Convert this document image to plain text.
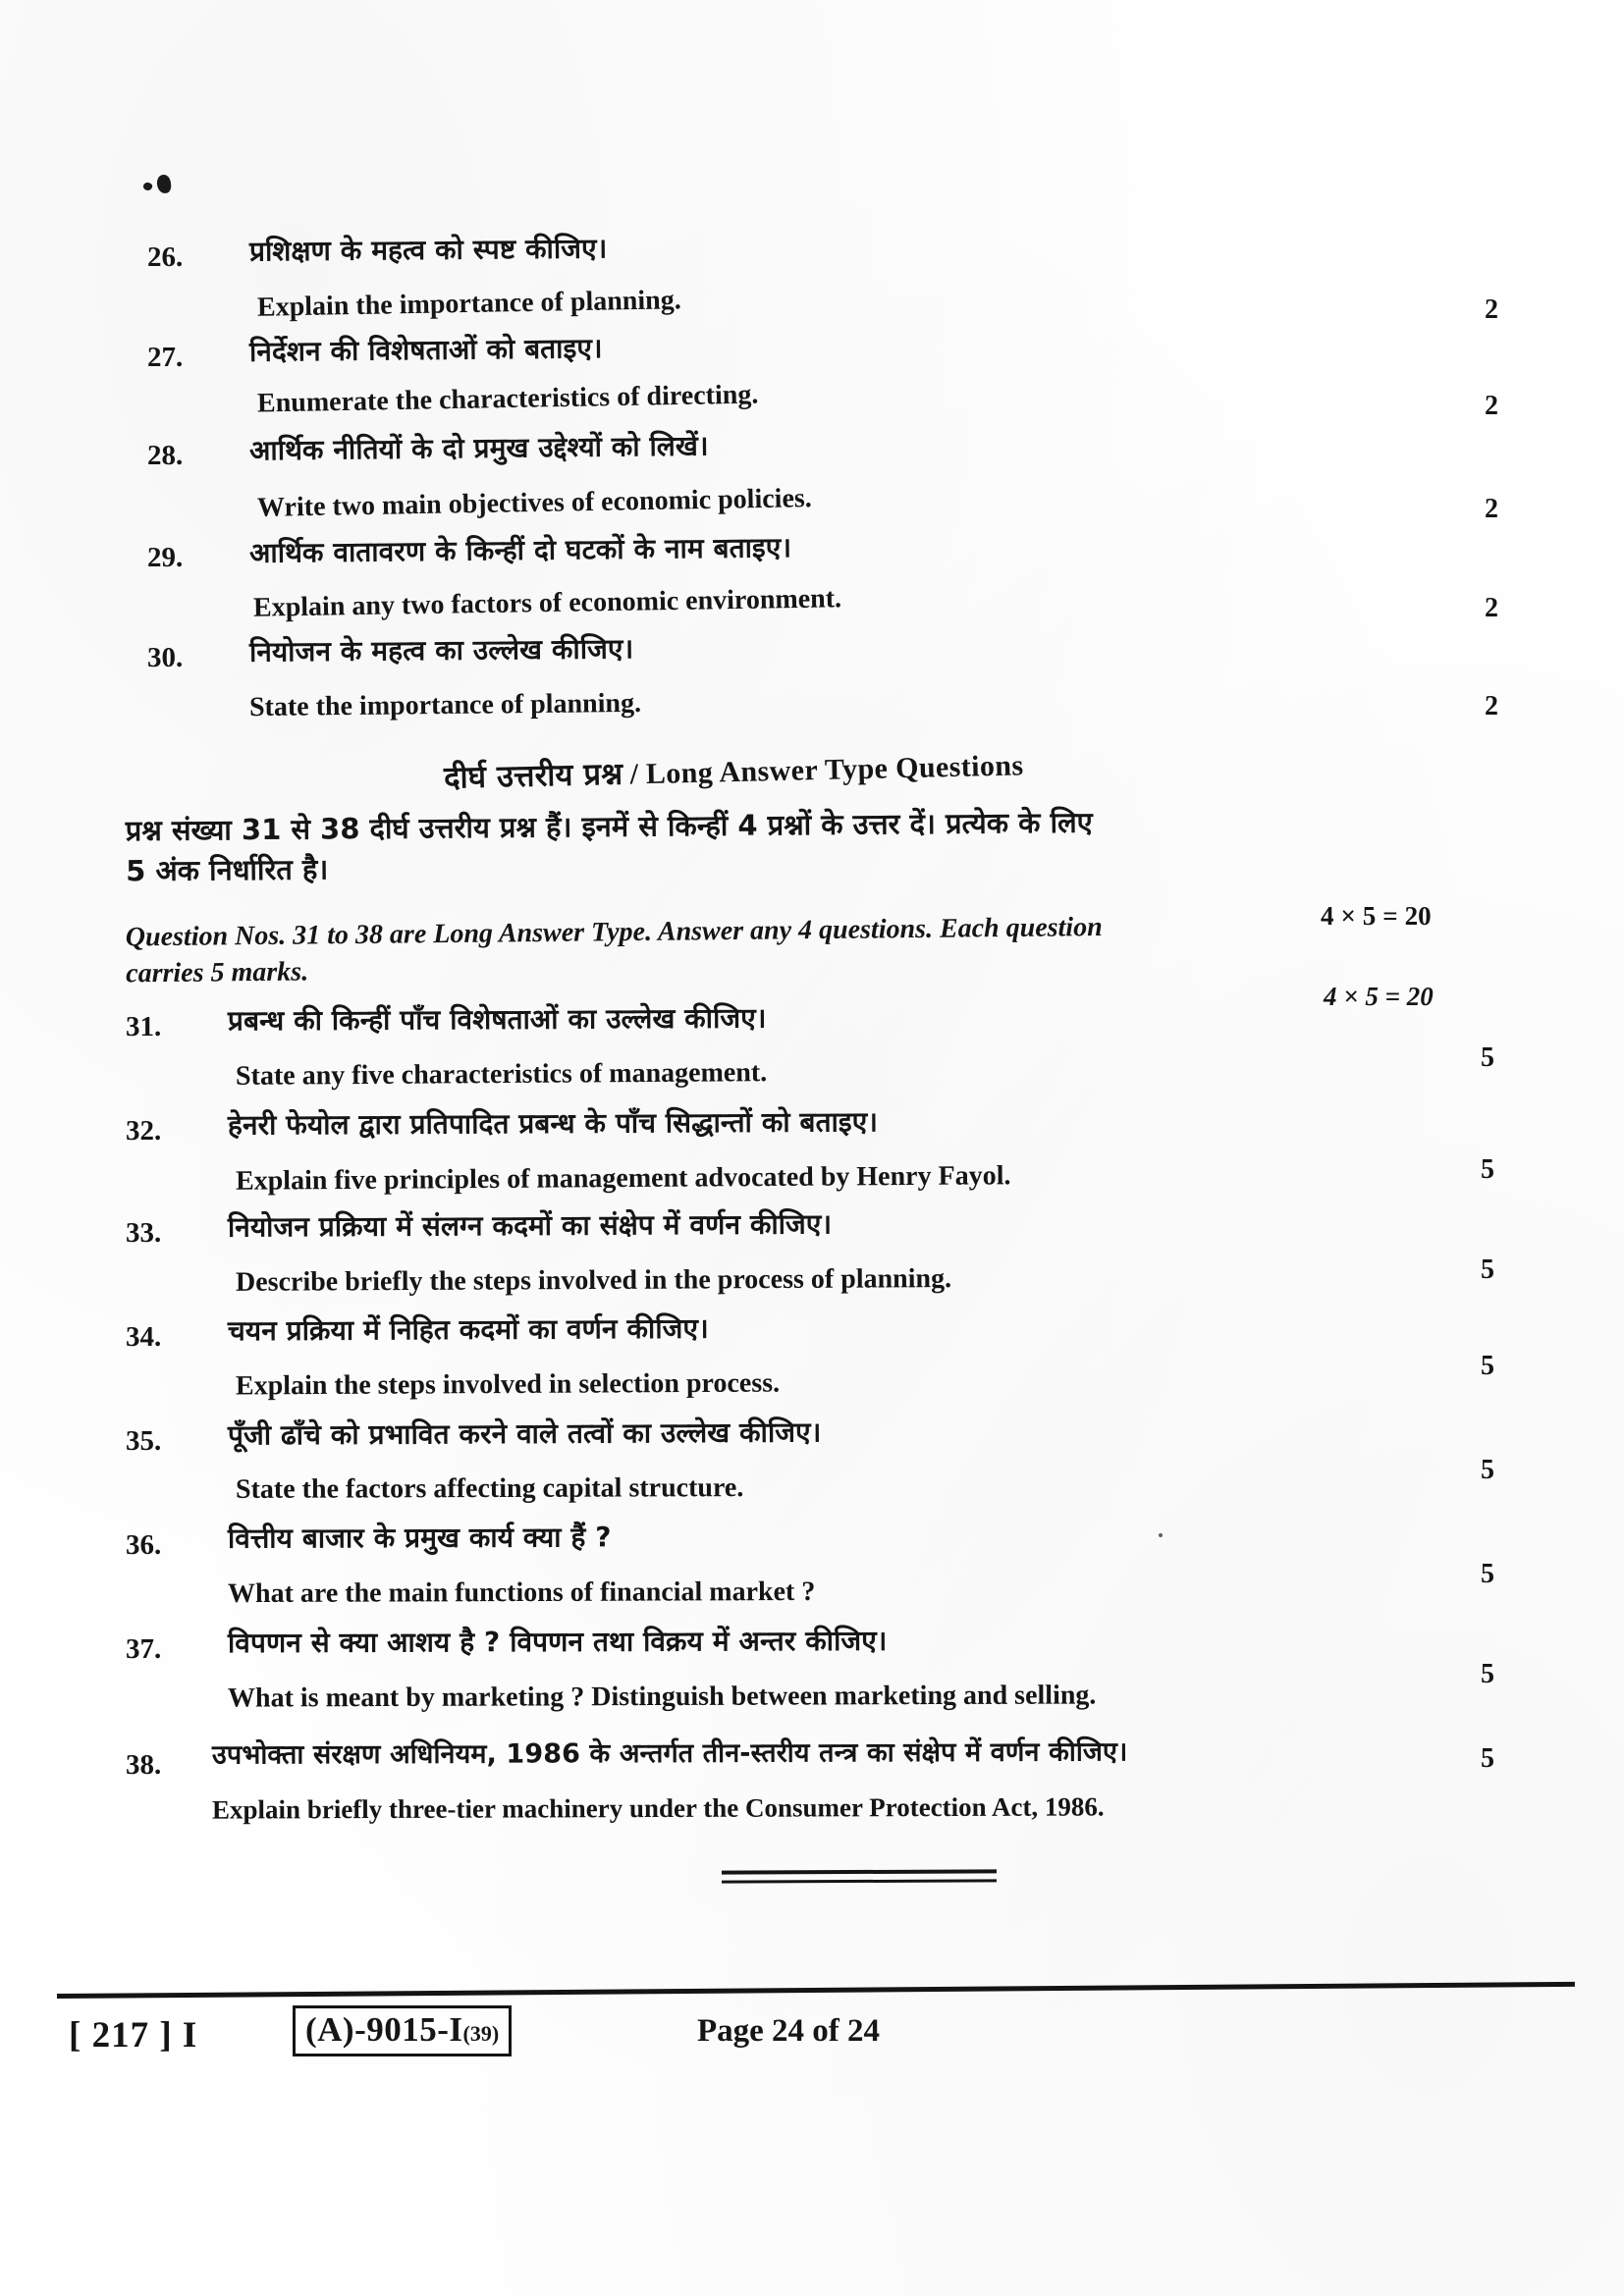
26. प्रशिक्षण के महत्व को स्पष्ट कीजिए।
Explain the importance of planning.	2
27. निर्देशन की विशेषताओं को बताइए।
Enumerate the characteristics of directing.	2
28. आर्थिक नीतियों के दो प्रमुख उद्देश्यों को लिखें।
Write two main objectives of economic policies.	2
29. आर्थिक वातावरण के किन्हीं दो घटकों के नाम बताइए।
Explain any two factors of economic environment.	2
30. नियोजन के महत्व का उल्लेख कीजिए।
State the importance of planning.	2
दीर्घ उत्तरीय प्रश्न / Long Answer Type Questions
प्रश्न संख्या 31 से 38 दीर्घ उत्तरीय प्रश्न हैं। इनमें से किन्हीं 4 प्रश्नों के उत्तर दें। प्रत्येक के लिए
5 अंक निर्धारित है।
4 × 5 = 20
Question Nos. 31 to 38 are Long Answer Type. Answer any 4 questions. Each question
carries 5 marks.
4 × 5 = 20
31. प्रबन्ध की किन्हीं पाँच विशेषताओं का उल्लेख कीजिए।
State any five characteristics of management.	5
32. हेनरी फेयोल द्वारा प्रतिपादित प्रबन्ध के पाँच सिद्धान्तों को बताइए।
Explain five principles of management advocated by Henry Fayol.	5
33. नियोजन प्रक्रिया में संलग्न कदमों का संक्षेप में वर्णन कीजिए।
Describe briefly the steps involved in the process of planning.	5
34. चयन प्रक्रिया में निहित कदमों का वर्णन कीजिए।
Explain the steps involved in selection process.
5
35. पूँजी ढाँचे को प्रभावित करने वाले तत्वों का उल्लेख कीजिए।
State the factors affecting capital structure.
5
36. वित्तीय बाजार के प्रमुख कार्य क्या हैं ?
What are the main functions of financial market ?
5
37. विपणन से क्या आशय है ? विपणन तथा विक्रय में अन्तर कीजिए।
What is meant by marketing ? Distinguish between marketing and selling.
5
38. उपभोक्ता संरक्षण अधिनियम, 1986 के अन्तर्गत तीन-स्तरीय तन्त्र का संक्षेप में वर्णन कीजिए।
Explain briefly three-tier machinery under the Consumer Protection Act, 1986.
5
[ 217 ] I	(A)-9015-I(39)	Page 24 of 24
